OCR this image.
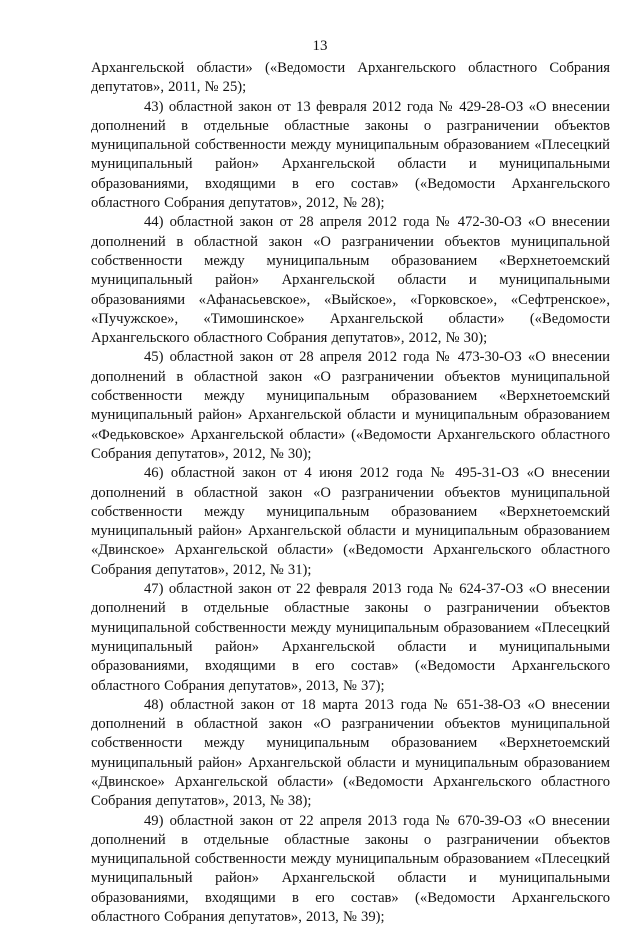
13

Архангельской области» («Ведомости Архангельского областного Собрания депутатов», 2011, № 25);

43) областной закон от 13 февраля 2012 года № 429-28-ОЗ «О внесении дополнений в отдельные областные законы о разграничении объектов муниципальной собственности между муниципальным образованием «Плесецкий муниципальный район» Архангельской области и муниципальными образованиями, входящими в его состав» («Ведомости Архангельского областного Собрания депутатов», 2012, № 28);

44) областной закон от 28 апреля 2012 года № 472-30-ОЗ «О внесении дополнений в областной закон «О разграничении объектов муниципальной собственности между муниципальным образованием «Верхнетоемский муниципальный район» Архангельской области и муниципальными образованиями «Афанасьевское», «Выйское», «Горковское», «Сефтренское», «Пучужское», «Тимошинское» Архангельской области» («Ведомости Архангельского областного Собрания депутатов», 2012, № 30);

45) областной закон от 28 апреля 2012 года № 473-30-ОЗ «О внесении дополнений в областной закон «О разграничении объектов муниципальной собственности между муниципальным образованием «Верхнетоемский муниципальный район» Архангельской области и муниципальным образованием «Федьковское» Архангельской области» («Ведомости Архангельского областного Собрания депутатов», 2012, № 30);

46) областной закон от 4 июня 2012 года № 495-31-ОЗ «О внесении дополнений в областной закон «О разграничении объектов муниципальной собственности между муниципальным образованием «Верхнетоемский муниципальный район» Архангельской области и муниципальным образованием «Двинское» Архангельской области» («Ведомости Архангельского областного Собрания депутатов», 2012, № 31);

47) областной закон от 22 февраля 2013 года № 624-37-ОЗ «О внесении дополнений в отдельные областные законы о разграничении объектов муниципальной собственности между муниципальным образованием «Плесецкий муниципальный район» Архангельской области и муниципальными образованиями, входящими в его состав» («Ведомости Архангельского областного Собрания депутатов», 2013, № 37);

48) областной закон от 18 марта 2013 года № 651-38-ОЗ «О внесении дополнений в областной закон «О разграничении объектов муниципальной собственности между муниципальным образованием «Верхнетоемский муниципальный район» Архангельской области и муниципальным образованием «Двинское» Архангельской области» («Ведомости Архангельского областного Собрания депутатов», 2013, № 38);

49) областной закон от 22 апреля 2013 года № 670-39-ОЗ «О внесении дополнений в отдельные областные законы о разграничении объектов муниципальной собственности между муниципальным образованием «Плесецкий муниципальный район» Архангельской области и муниципальными образованиями, входящими в его состав» («Ведомости Архангельского областного Собрания депутатов», 2013, № 39);
